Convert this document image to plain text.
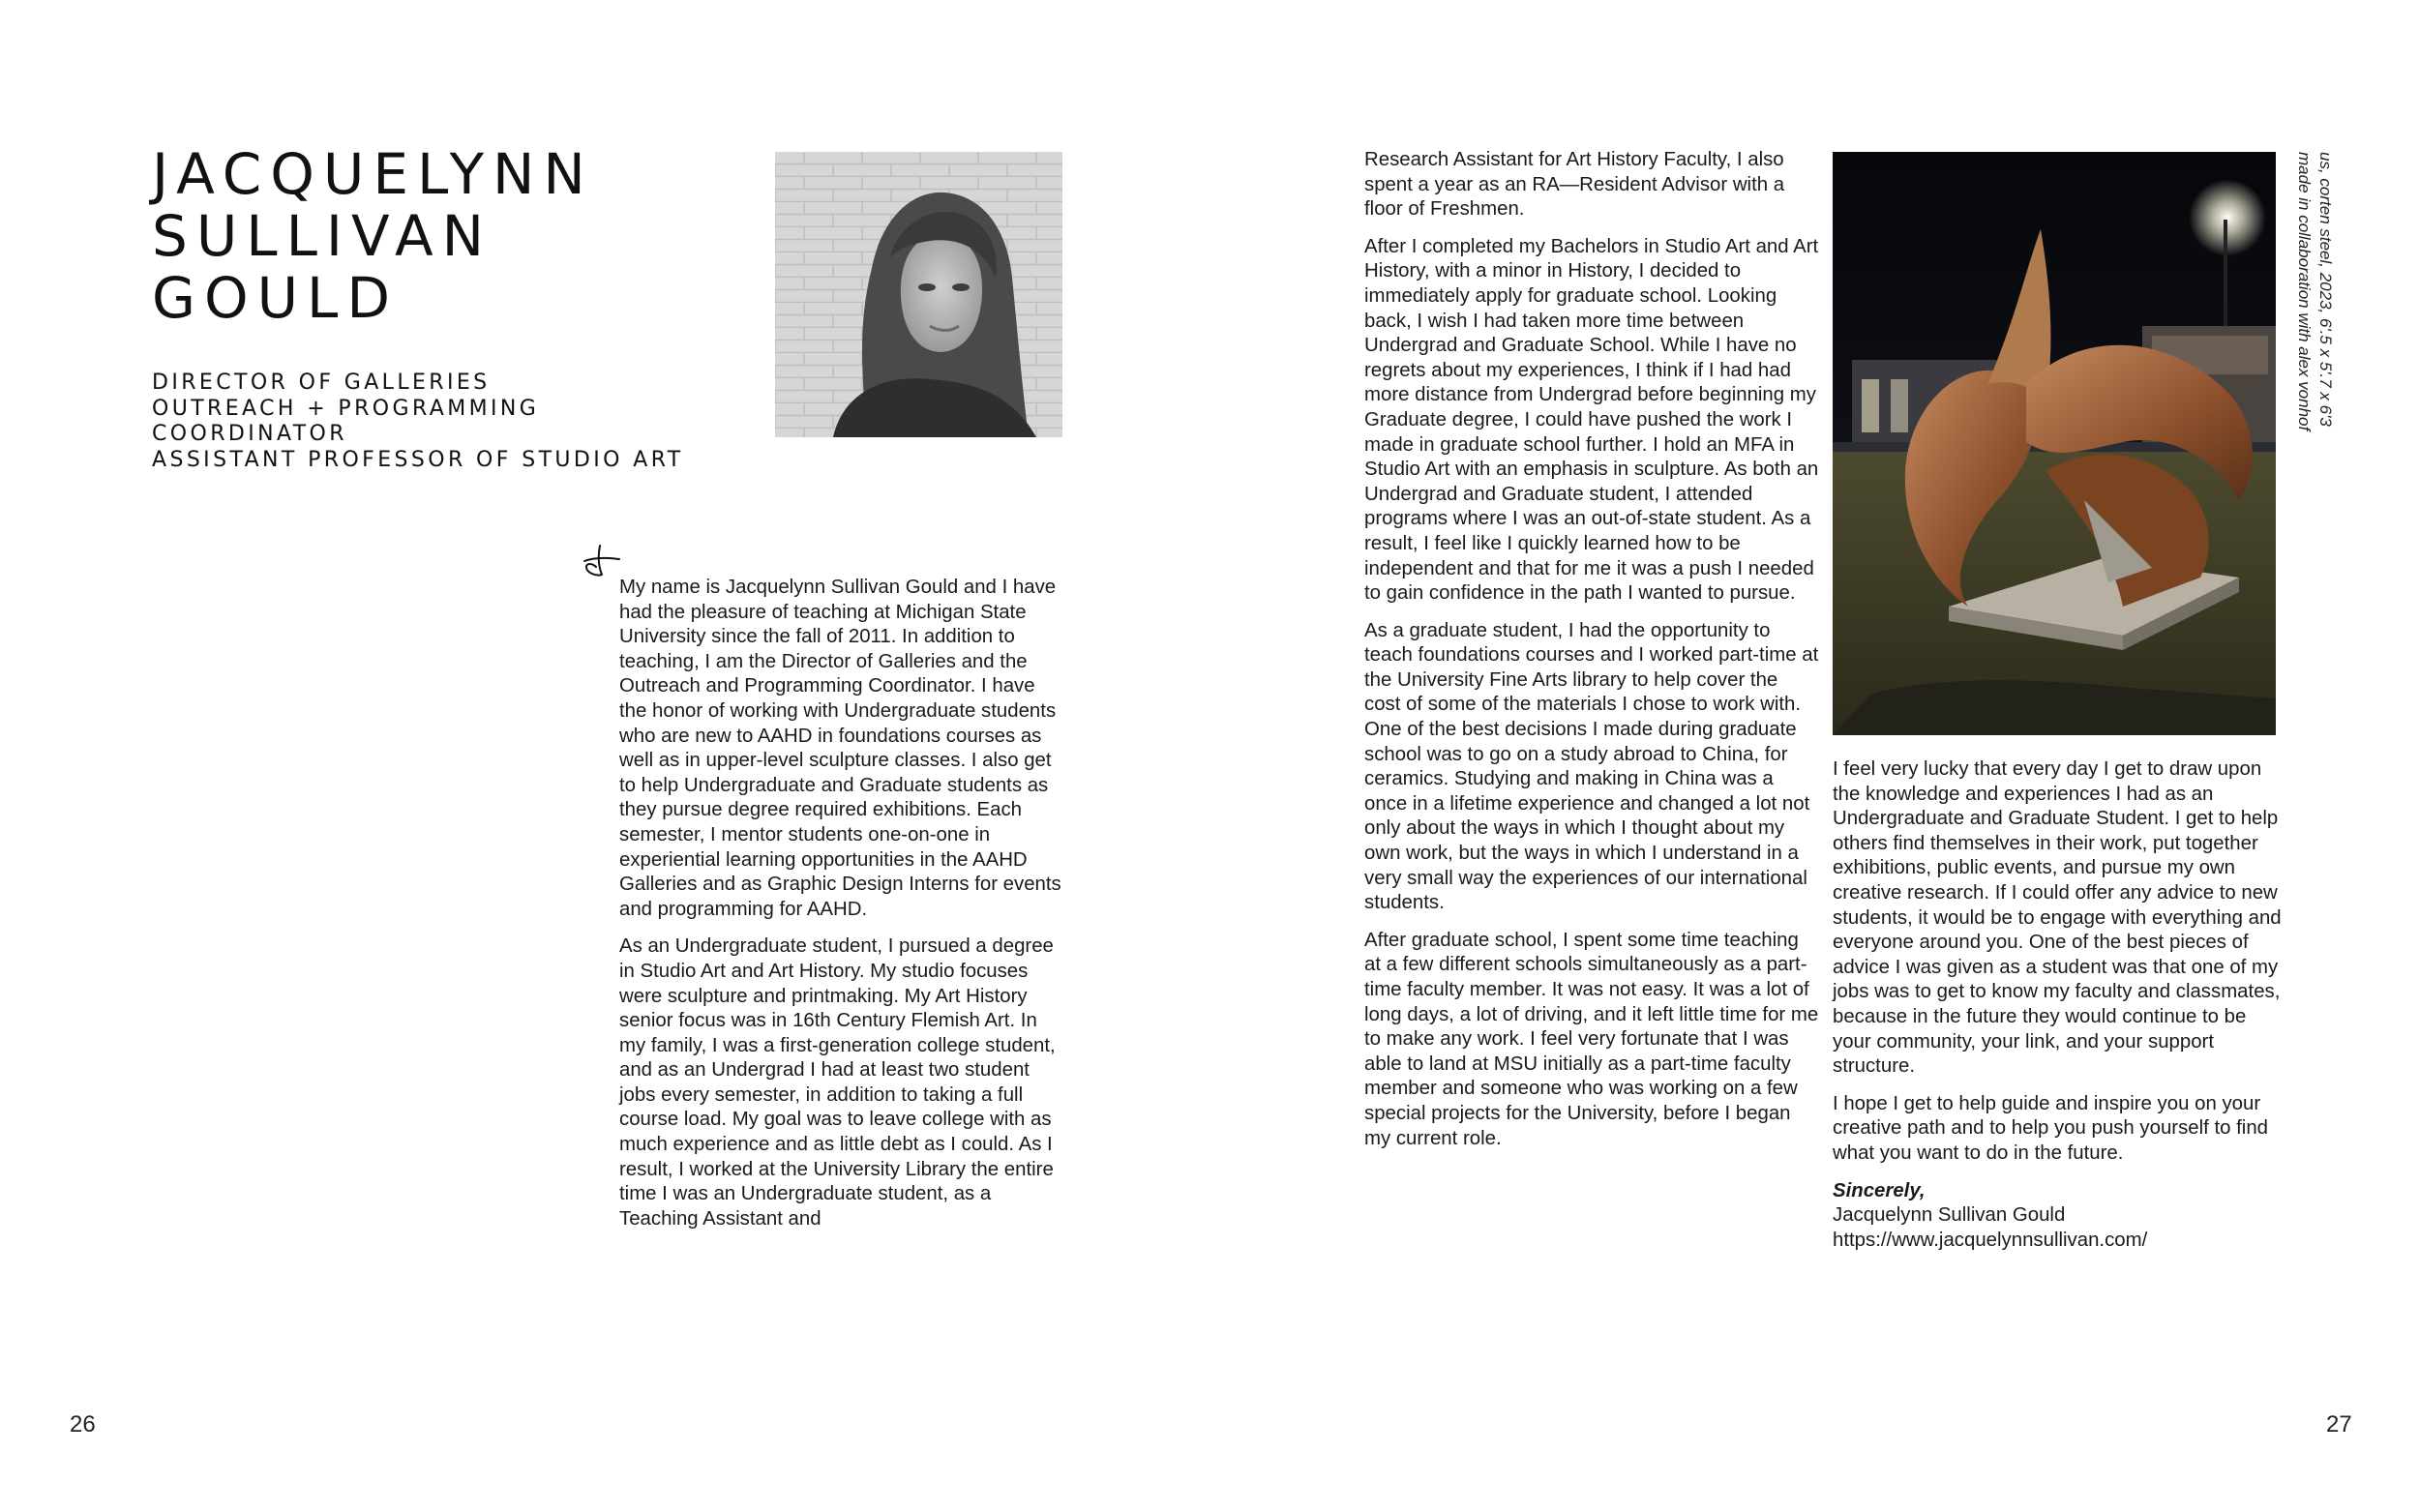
JACQUELYNN
SULLIVAN
GOULD
DIRECTOR OF GALLERIES
OUTREACH + PROGRAMMING
COORDINATOR
ASSISTANT PROFESSOR OF STUDIO ART

My name is Jacquelynn Sullivan Gould and I have had the pleasure of teaching at Michigan State University since the fall of 2011. In addition to teaching, I am the Director of Galleries and the Outreach and Programming Coordinator. I have the honor of working with Undergraduate students who are new to AAHD in foundations courses as well as in upper-level sculpture classes. I also get to help Undergraduate and Graduate students as they pursue degree required exhibitions. Each semester, I mentor students one-on-one in experiential learning opportunities in the AAHD Galleries and as Graphic Design Interns for events and programming for AAHD.

As an Undergraduate student, I pursued a degree in Studio Art and Art History. My studio focuses were sculpture and printmaking. My Art History senior focus was in 16th Century Flemish Art. In my family, I was a first-generation college student, and as an Undergrad I had at least two student jobs every semester, in addition to taking a full course load. My goal was to leave college with as much experience and as little debt as I could. As I result, I worked at the University Library the entire time I was an Undergraduate student, as a Teaching Assistant and

Research Assistant for Art History Faculty, I also spent a year as an RA—Resident Advisor with a floor of Freshmen.

After I completed my Bachelors in Studio Art and Art History, with a minor in History, I decided to immediately apply for graduate school. Looking back, I wish I had taken more time between Undergrad and Graduate School. While I have no regrets about my experiences, I think if I had had more distance from Undergrad before beginning my Graduate degree, I could have pushed the work I made in graduate school further. I hold an MFA in Studio Art with an emphasis in sculpture. As both an Undergrad and Graduate student, I attended programs where I was an out-of-state student. As a result, I feel like I quickly learned how to be independent and that for me it was a push I needed to gain confidence in the path I wanted to pursue.

As a graduate student, I had the opportunity to teach foundations courses and I worked part-time at the University Fine Arts library to help cover the cost of some of the materials I chose to work with. One of the best decisions I made during graduate school was to go on a study abroad to China, for ceramics. Studying and making in China was a once in a lifetime experience and changed a lot not only about the ways in which I thought about my own work, but the ways in which I understand in a very small way the experiences of our international students.

After graduate school, I spent some time teaching at a few different schools simultaneously as a part-time faculty member. It was not easy. It was a lot of long days, a lot of driving, and it left little time for me to make any work. I feel very fortunate that I was able to land at MSU initially as a part-time faculty member and someone who was working on a few special projects for the University, before I began my current role.

us, corten steel, 2023, 6'.5 x 5'.7 x 6'3
made in collaboration with alex vonhof

I feel very lucky that every day I get to draw upon the knowledge and experiences I had as an Undergraduate and Graduate Student. I get to help others find themselves in their work, put together exhibitions, public events, and pursue my own creative research. If I could offer any advice to new students, it would be to engage with everything and everyone around you. One of the best pieces of advice I was given as a student was that one of my jobs was to get to know my faculty and classmates, because in the future they would continue to be your community, your link, and your support structure.

I hope I get to help guide and inspire you on your creative path and to help you push yourself to find what you want to do in the future.

Sincerely,
Jacquelynn Sullivan Gould
https://www.jacquelynnsullivan.com/
26	27
